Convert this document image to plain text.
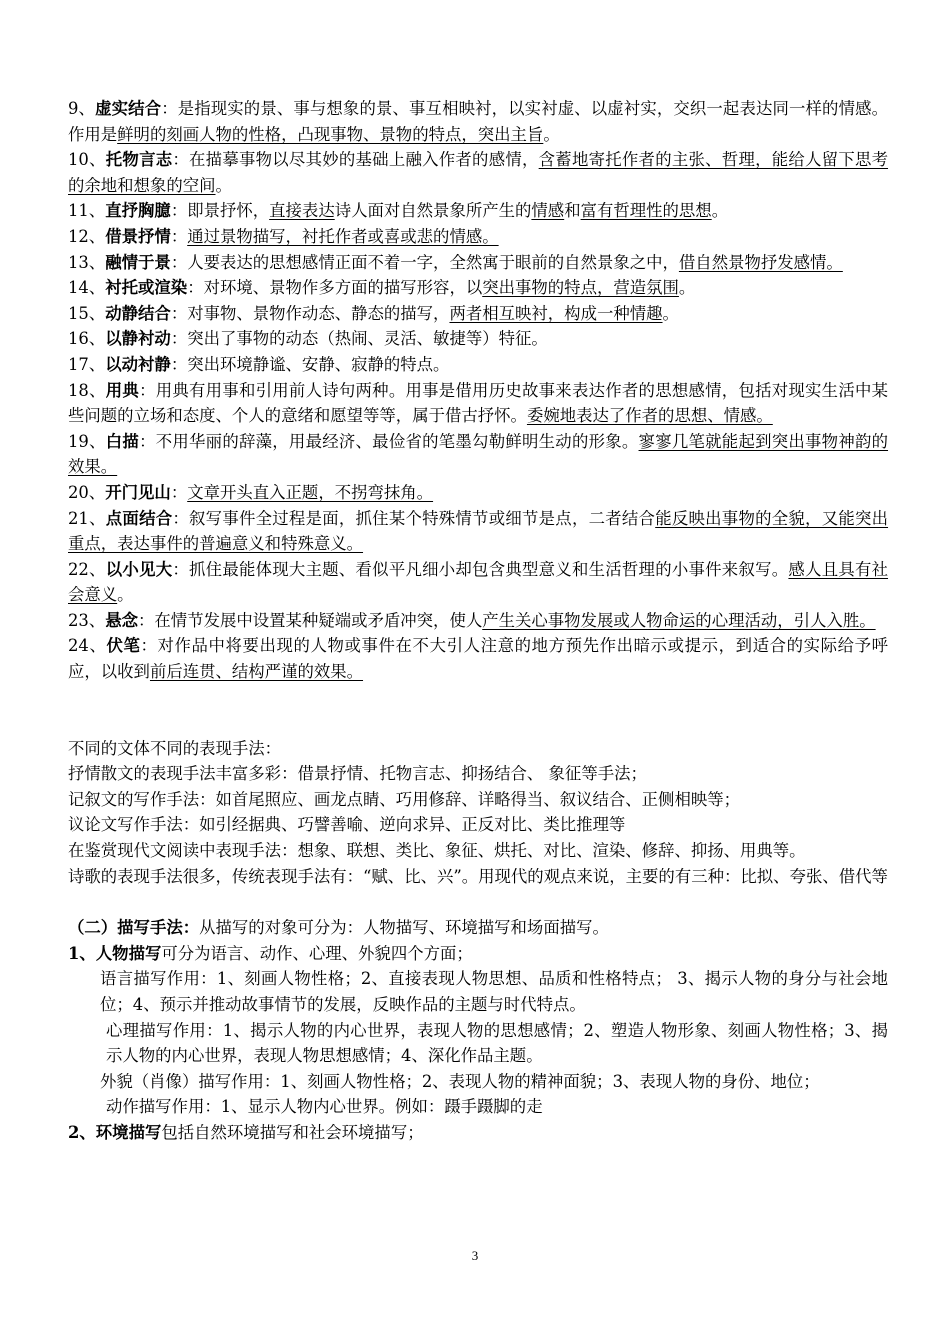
9、虚实结合：是指现实的景、事与想象的景、事互相映衬，以实衬虚、以虚衬实，交织一起表达同一样的情感。作用是鲜明的刻画人物的性格，凸现事物、景物的特点，突出主旨。

10、托物言志：在描摹事物以尽其妙的基础上融入作者的感情，含蓄地寄托作者的主张、哲理，能给人留下思考的余地和想象的空间。

11、直抒胸臆：即景抒怀，直接表达诗人面对自然景象所产生的情感和富有哲理性的思想。

12、借景抒情：通过景物描写，衬托作者或喜或悲的情感。

13、融情于景：人要表达的思想感情正面不着一字，全然寓于眼前的自然景象之中，借自然景物抒发感情。

14、衬托或渲染：对环境、景物作多方面的描写形容，以突出事物的特点，营造氛围。

15、动静结合：对事物、景物作动态、静态的描写，两者相互映衬，构成一种情趣。

16、以静衬动：突出了事物的动态（热闹、灵活、敏捷等）特征。

17、以动衬静：突出环境静谧、安静、寂静的特点。

18、用典：用典有用事和引用前人诗句两种。用事是借用历史故事来表达作者的思想感情，包括对现实生活中某些问题的立场和态度、个人的意绪和愿望等等，属于借古抒怀。委婉地表达了作者的思想、情感。

19、白描：不用华丽的辞藻，用最经济、最俭省的笔墨勾勒鲜明生动的形象。寥寥几笔就能起到突出事物神韵的效果。

20、开门见山：文章开头直入正题，不拐弯抹角。

21、点面结合：叙写事件全过程是面，抓住某个特殊情节或细节是点，二者结合能反映出事物的全貌，又能突出重点，表达事件的普遍意义和特殊意义。

22、以小见大：抓住最能体现大主题、看似平凡细小却包含典型意义和生活哲理的小事件来叙写。感人且具有社会意义。

23、悬念：在情节发展中设置某种疑端或矛盾冲突，使人产生关心事物发展或人物命运的心理活动，引人入胜。

24、伏笔：对作品中将要出现的人物或事件在不大引人注意的地方预先作出暗示或提示，到适合的实际给予呼应，以收到前后连贯、结构严谨的效果。

不同的文体不同的表现手法：

抒情散文的表现手法丰富多彩：借景抒情、托物言志、抑扬结合、 象征等手法；

记叙文的写作手法：如首尾照应、画龙点睛、巧用修辞、详略得当、叙议结合、正侧相映等；

议论文写作手法：如引经据典、巧譬善喻、逆向求异、正反对比、类比推理等

在鉴赏现代文阅读中表现手法：想象、联想、类比、象征、烘托、对比、渲染、修辞、抑扬、用典等。

诗歌的表现手法很多，传统表现手法有：“赋、比、兴”。用现代的观点来说，主要的有三种：比拟、夸张、借代等

（二）描写手法：从描写的对象可分为：人物描写、环境描写和场面描写。

1、人物描写可分为语言、动作、心理、外貌四个方面；

语言描写作用：1、刻画人物性格；2、直接表现人物思想、品质和性格特点； 3、揭示人物的身分与社会地位；4、预示并推动故事情节的发展，反映作品的主题与时代特点。

心理描写作用：1、揭示人物的内心世界，表现人物的思想感情；2、塑造人物形象、刻画人物性格；3、揭示人物的内心世界，表现人物思想感情；4、深化作品主题。

外貌（肖像）描写作用：1、刻画人物性格；2、表现人物的精神面貌；3、表现人物的身份、地位；

动作描写作用：1、显示人物内心世界。例如：蹑手蹑脚的走

2、环境描写包括自然环境描写和社会环境描写；

3
